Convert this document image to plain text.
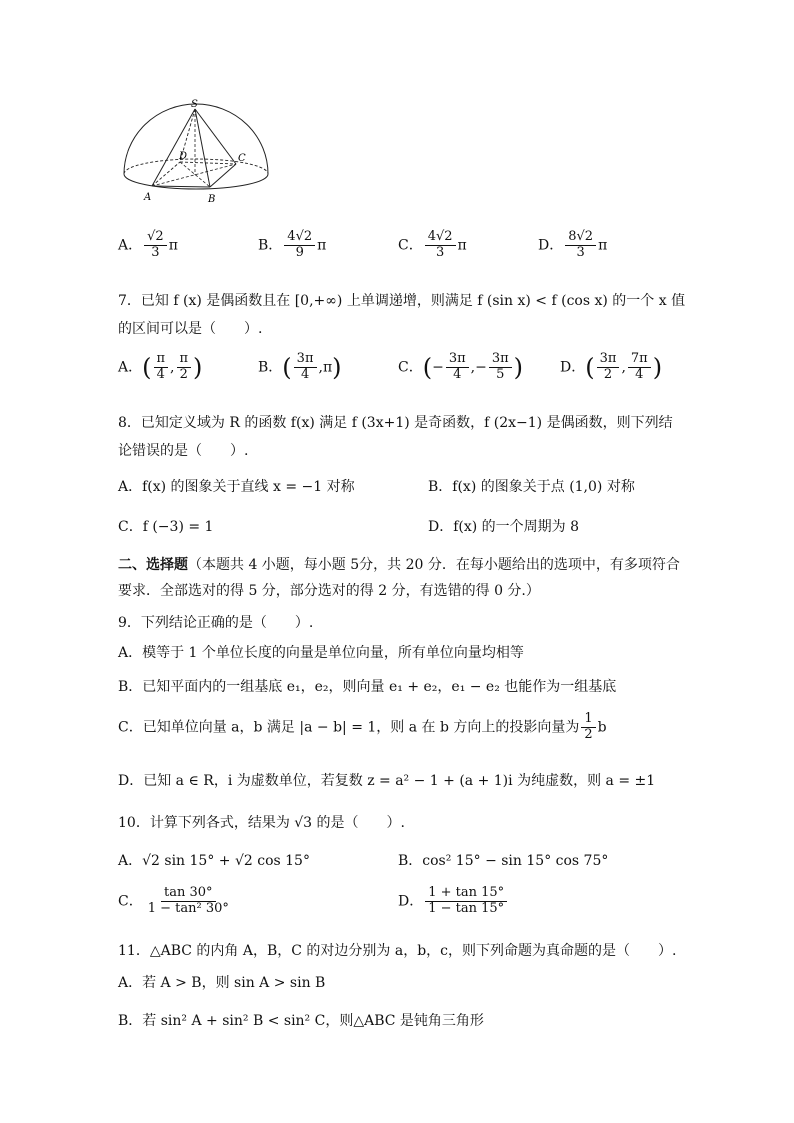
S
A	B
C
D
A． $\frac{√2}{3}$ π	B． $\frac{4√2}{9}$ π	C． $\frac{4√2}{3}$ π	D． $\frac{8√2}{3}$ π
7．已知 f (x) 是偶函数且在 [0,+∞) 上单调递增，则满足 f (sin x) < f (cos x) 的一个 x 值
的区间可以是（　　）.
A．( $\frac{\pi}{4}$ , $\frac{\pi}{2}$ )	B．( $\frac{3\pi}{4} ,\pi$)	C．(− $\frac{3\pi}{4}$ ,− $\frac{3\pi}{5}$ )	D．( $\frac{3\pi}{2}$ , $\frac{7\pi}{4}$ )
8．已知定义域为 R 的函数 f(x) 满足 f (3x+1) 是奇函数，f (2x−1) 是偶函数，则下列结
论错误的是（　　）.
A．f(x) 的图象关于直线 x = −1 对称	B．f(x) 的图象关于点 (1,0) 对称
C．f (−3) = 1	D．f(x) 的一个周期为 8
二、选择题（本题共 4 小题，每小题 5分，共 20 分．在每小题给出的选项中，有多项符合
要求．全部选对的得 5 分，部分选对的得 2 分，有选错的得 0 分.）
9．下列结论正确的是（　　）.
A．模等于 1 个单位长度的向量是单位向量，所有单位向量均相等
B．已知平面内的一组基底 e₁，e₂，则向量 e₁ + e₂，e₁ − e₂ 也能作为一组基底
C．已知单位向量 a，b 满足 |a − b| = 1，则 a 在 b 方向上的投影向量为 $\frac{1}{2}$ b
D．已知 a ∈ R，i 为虚数单位，若复数 z = a² − 1 + (a + 1)i 为纯虚数，则 a = ±1
10．计算下列各式，结果为 √3 的是（　　）.
A．√2 sin 15° + √2 cos 15°	B．cos² 15° − sin 15° cos 75°
C． $\frac{\tan 30^\circ}{\text{1 − tan² 30°}}$	D． $\frac{1 + \tan 15^\circ}{1 - \tan 15^\circ}$
11．△ABC 的内角 A，B，C 的对边分别为 a，b，c，则下列命题为真命题的是（　　）.
A．若 A > B，则 sin A > sin B
B．若 sin² A + sin² B < sin² C，则△ABC 是钝角三角形
